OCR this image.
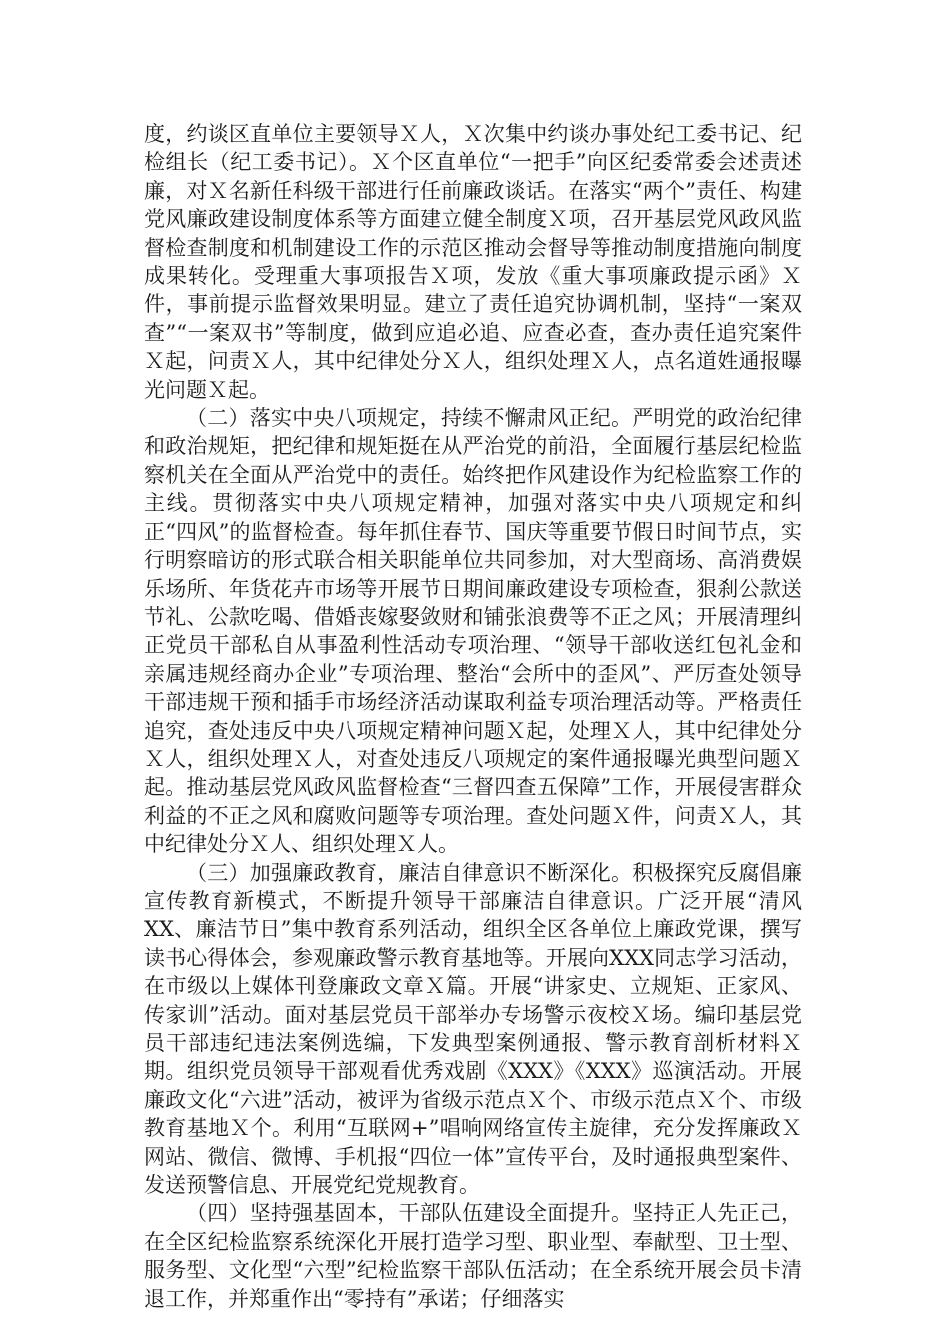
度，约谈区直单位主要领导Ｘ人，Ｘ次集中约谈办事处纪工委书记、纪检组长（纪工委书记）。Ｘ个区直单位“一把手”向区纪委常委会述责述廉，对Ｘ名新任科级干部进行任前廉政谈话。在落实“两个”责任、构建党风廉政建设制度体系等方面建立健全制度Ｘ项，召开基层党风政风监督检查制度和机制建设工作的示范区推动会督导等推动制度措施向制度成果转化。受理重大事项报告Ｘ项，发放《重大事项廉政提示函》Ｘ件，事前提示监督效果明显。建立了责任追究协调机制，坚持“一案双查”“一案双书”等制度，做到应追必追、应查必查，查办责任追究案件Ｘ起，问责Ｘ人，其中纪律处分Ｘ人，组织处理Ｘ人，点名道姓通报曝光问题Ｘ起。

（二）落实中央八项规定，持续不懈肃风正纪。严明党的政治纪律和政治规矩，把纪律和规矩挺在从严治党的前沿，全面履行基层纪检监察机关在全面从严治党中的责任。始终把作风建设作为纪检监察工作的主线。贯彻落实中央八项规定精神，加强对落实中央八项规定和纠正“四风”的监督检查。每年抓住春节、国庆等重要节假日时间节点，实行明察暗访的形式联合相关职能单位共同参加，对大型商场、高消费娱乐场所、年货花卉市场等开展节日期间廉政建设专项检查，狠刹公款送节礼、公款吃喝、借婚丧嫁娶敛财和铺张浪费等不正之风；开展清理纠正党员干部私自从事盈利性活动专项治理、“领导干部收送红包礼金和亲属违规经商办企业”专项治理、整治“会所中的歪风”、严厉查处领导干部违规干预和插手市场经济活动谋取利益专项治理活动等。严格责任追究，查处违反中央八项规定精神问题Ｘ起，处理Ｘ人，其中纪律处分Ｘ人，组织处理Ｘ人，对查处违反八项规定的案件通报曝光典型问题Ｘ起。推动基层党风政风监督检查“三督四查五保障”工作，开展侵害群众利益的不正之风和腐败问题等专项治理。查处问题Ｘ件，问责Ｘ人，其中纪律处分Ｘ人、组织处理Ｘ人。

（三）加强廉政教育，廉洁自律意识不断深化。积极探究反腐倡廉宣传教育新模式，不断提升领导干部廉洁自律意识。广泛开展“清风XX、廉洁节日”集中教育系列活动，组织全区各单位上廉政党课，撰写读书心得体会，参观廉政警示教育基地等。开展向XXX同志学习活动，在市级以上媒体刊登廉政文章Ｘ篇。开展“讲家史、立规矩、正家风、传家训”活动。面对基层党员干部举办专场警示夜校Ｘ场。编印基层党员干部违纪违法案例选编，下发典型案例通报、警示教育剖析材料Ｘ期。组织党员领导干部观看优秀戏剧《XXX》《XXX》巡演活动。开展廉政文化“六进”活动，被评为省级示范点Ｘ个、市级示范点Ｘ个、市级教育基地Ｘ个。利用“互联网+”唱响网络宣传主旋律，充分发挥廉政Ｘ网站、微信、微博、手机报“四位一体”宣传平台，及时通报典型案件、发送预警信息、开展党纪党规教育。

（四）坚持强基固本，干部队伍建设全面提升。坚持正人先正己，在全区纪检监察系统深化开展打造学习型、职业型、奉献型、卫士型、服务型、文化型“六型”纪检监察干部队伍活动；在全系统开展会员卡清退工作，并郑重作出“零持有”承诺；仔细落实
